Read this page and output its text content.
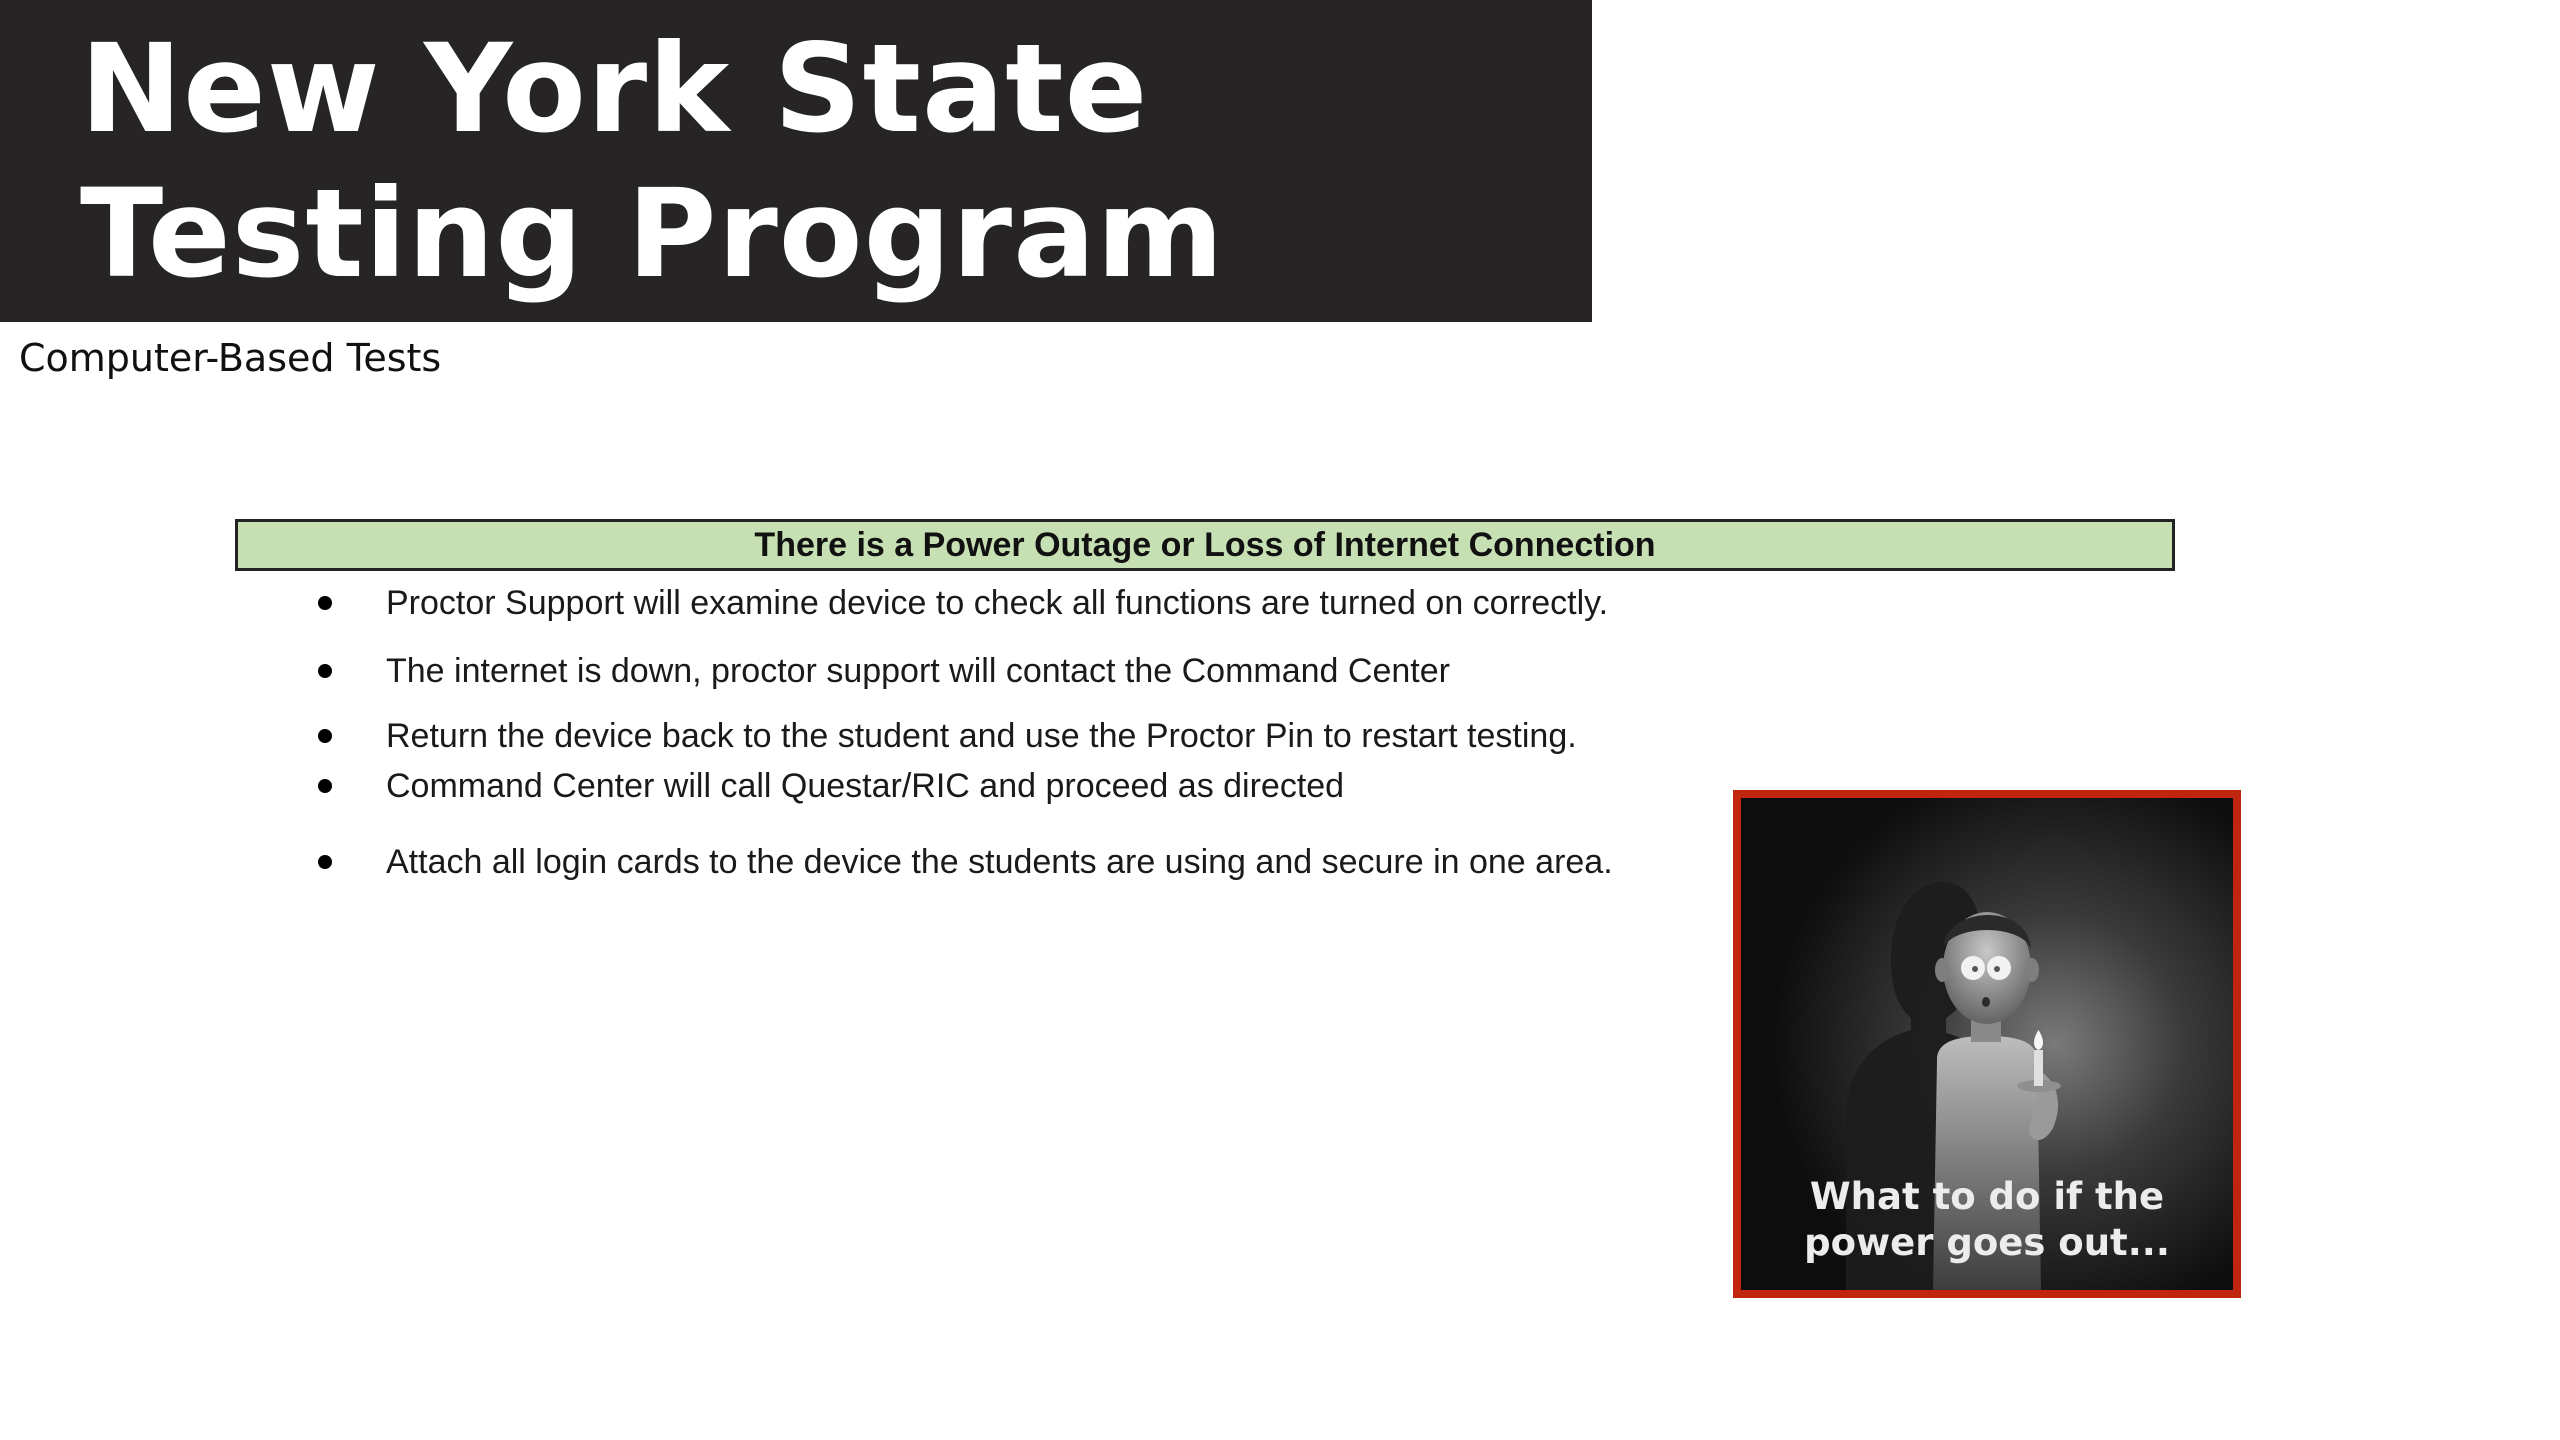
New York State
Testing Program

Computer-Based Tests

There is a Power Outage or Loss of Internet Connection
Proctor Support will examine device to check all functions are turned on correctly.
The internet is down, proctor support will contact the Command Center
Return the device back to the student and use the Proctor Pin to restart testing.
Command Center will call Questar/RIC and proceed as directed
Attach all login cards to the device the students are using and secure in one area.

What to do if the
power goes out...
